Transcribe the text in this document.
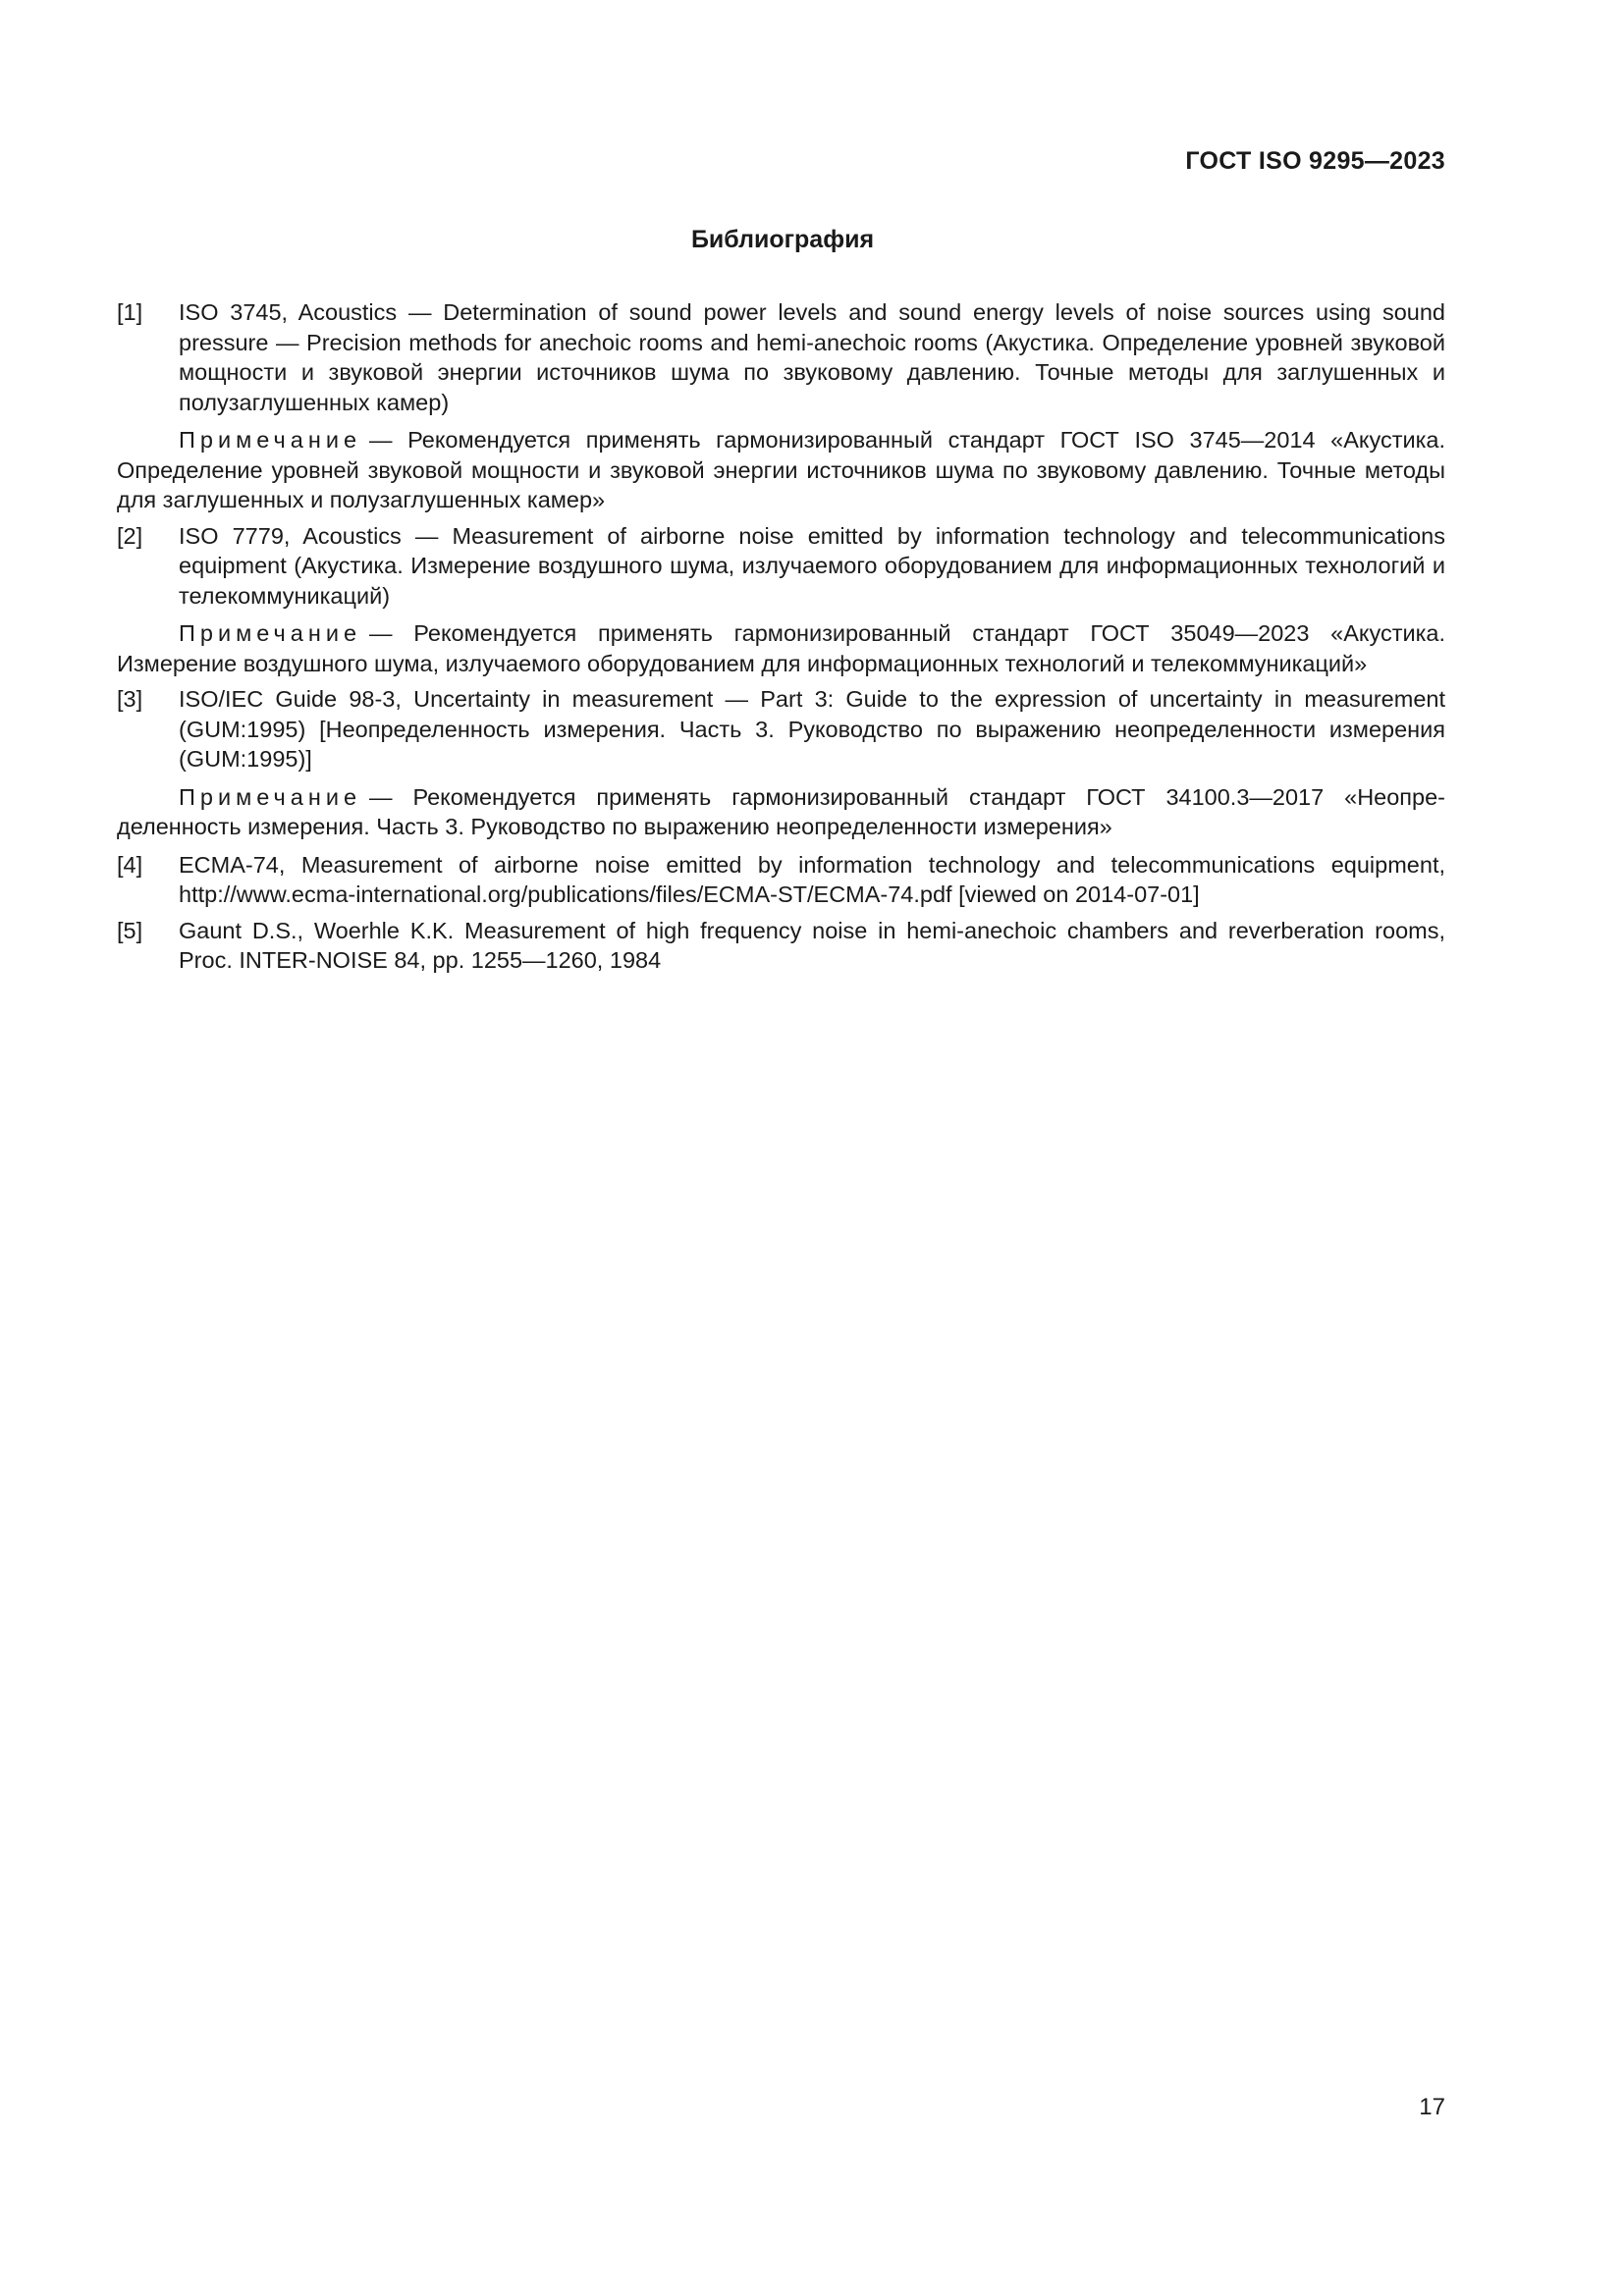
ГОСТ ISO 9295—2023
Библиография
[1]	ISO 3745, Acoustics — Determination of sound power levels and sound energy levels of noise sources using sound pressure — Precision methods for anechoic rooms and hemi-anechoic rooms (Акустика. Определение уровней звуковой мощности и звуковой энергии источников шума по звуковому давлению. Точные методы для заглушенных и полузаглушенных камер)
Примечание — Рекомендуется применять гармонизированный стандарт ГОСТ ISO 3745—2014 «Акустика. Определение уровней звуковой мощности и звуковой энергии источников шума по звуковому давлению. Точные методы для заглушенных и полузаглушенных камер»
[2]	ISO 7779, Acoustics — Measurement of airborne noise emitted by information technology and telecommunications equipment (Акустика. Измерение воздушного шума, излучаемого оборудованием для информационных технологий и телекоммуникаций)
Примечание — Рекомендуется применять гармонизированный стандарт ГОСТ 35049—2023 «Акустика. Измерение воздушного шума, излучаемого оборудованием для информационных технологий и телекоммуникаций»
[3]	ISO/IEC Guide 98-3, Uncertainty in measurement — Part 3: Guide to the expression of uncertainty in measurement (GUM:1995) [Неопределенность измерения. Часть 3. Руководство по выражению неопределенности измерения (GUM:1995)]
Примечание — Рекомендуется применять гармонизированный стандарт ГОСТ 34100.3—2017 «Неопределенность измерения. Часть 3. Руководство по выражению неопределенности измерения»
[4]	ECMA-74, Measurement of airborne noise emitted by information technology and telecommunications equipment, http://www.ecma-international.org/publications/files/ECMA-ST/ECMA-74.pdf [viewed on 2014-07-01]
[5]	Gaunt D.S., Woerhle K.K. Measurement of high frequency noise in hemi-anechoic chambers and reverberation rooms, Proc. INTER-NOISE 84, pp. 1255—1260, 1984
17
